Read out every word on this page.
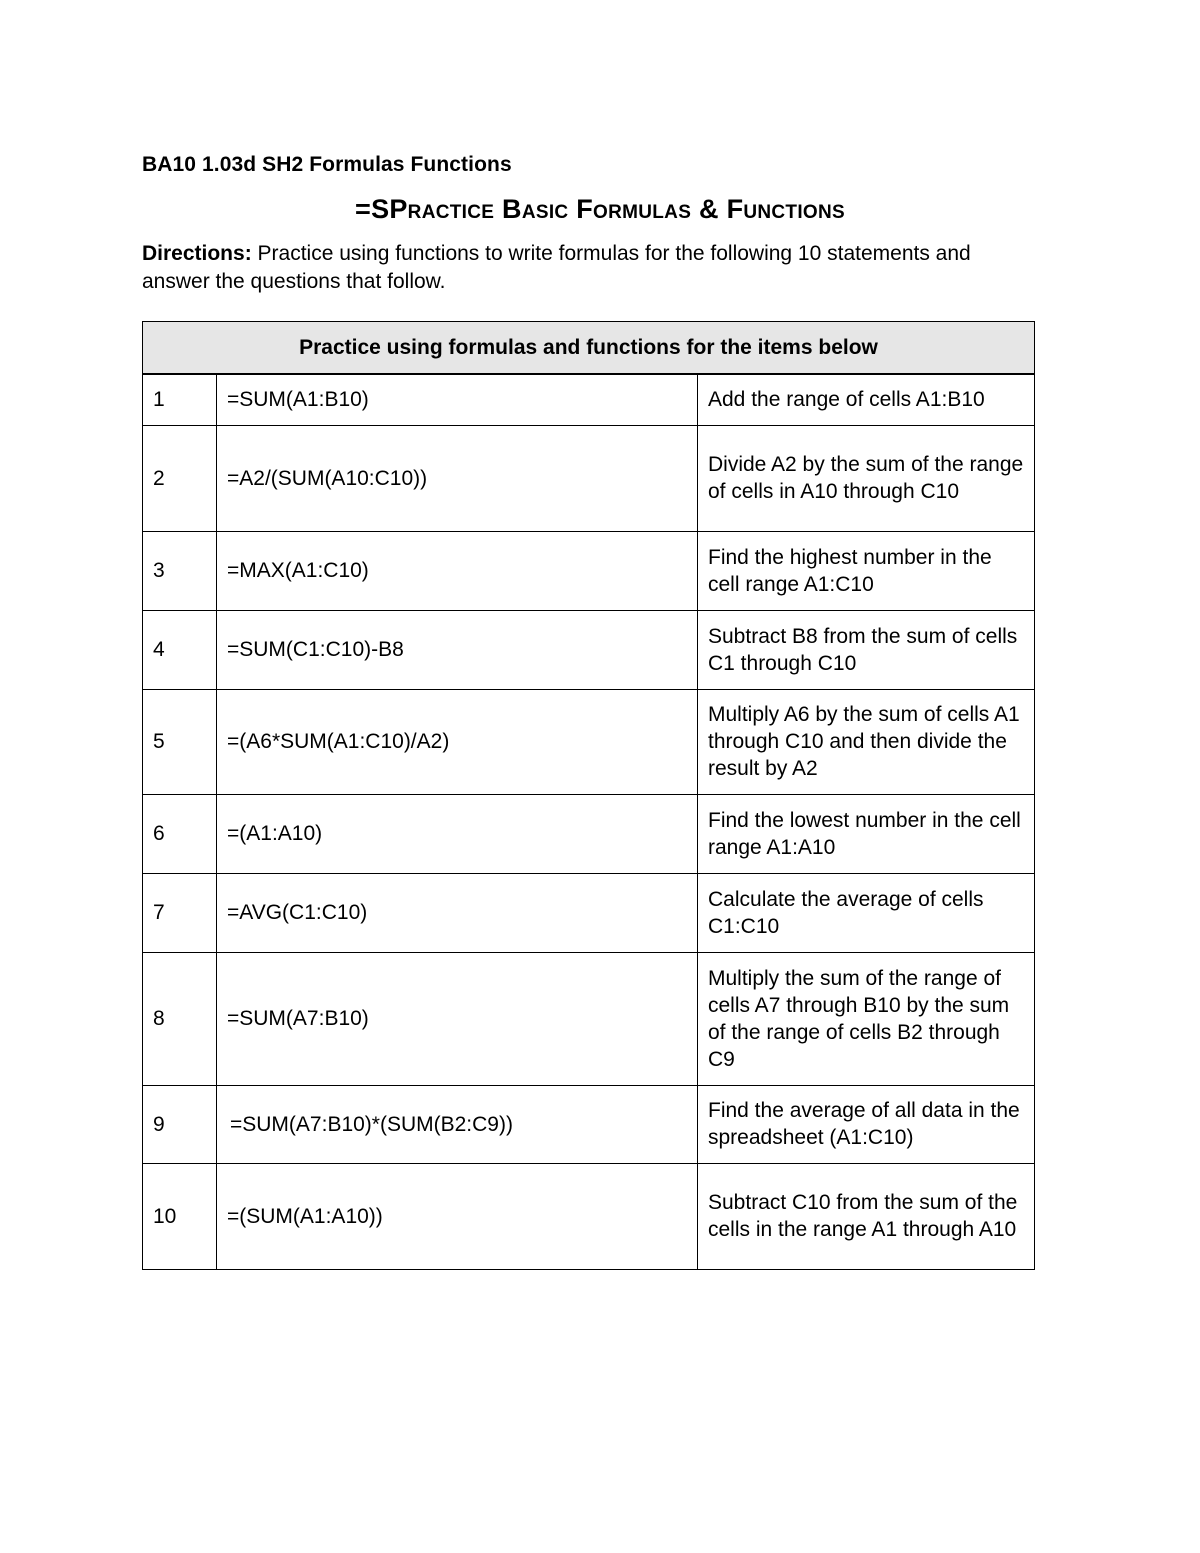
BA10 1.03d SH2 Formulas Functions
=SPractice Basic Formulas & Functions
Directions: Practice using functions to write formulas for the following 10 statements and answer the questions that follow.
Practice using formulas and functions for the items below		
1	=SUM(A1:B10)	Add the range of cells A1:B10
2	=A2/(SUM(A10:C10))	Divide A2 by the sum of the range of cells in A10 through C10
3	=MAX(A1:C10)	Find the highest number in the cell range A1:C10
4	=SUM(C1:C10)-B8	Subtract B8 from the sum of cells C1 through C10
5	=(A6*SUM(A1:C10)/A2)	Multiply A6 by the sum of cells A1 through C10 and then divide the result by A2
6	=(A1:A10)	Find the lowest number in the cell range A1:A10
7	=AVG(C1:C10)	Calculate the average of cells C1:C10
8	=SUM(A7:B10)	Multiply the sum of the range of cells A7 through B10 by the sum of the range of cells B2 through C9
9	=SUM(A7:B10)*(SUM(B2:C9))	Find the average of all data in the spreadsheet (A1:C10)
10	=(SUM(A1:A10))	Subtract C10 from the sum of the cells in the range A1 through A10
